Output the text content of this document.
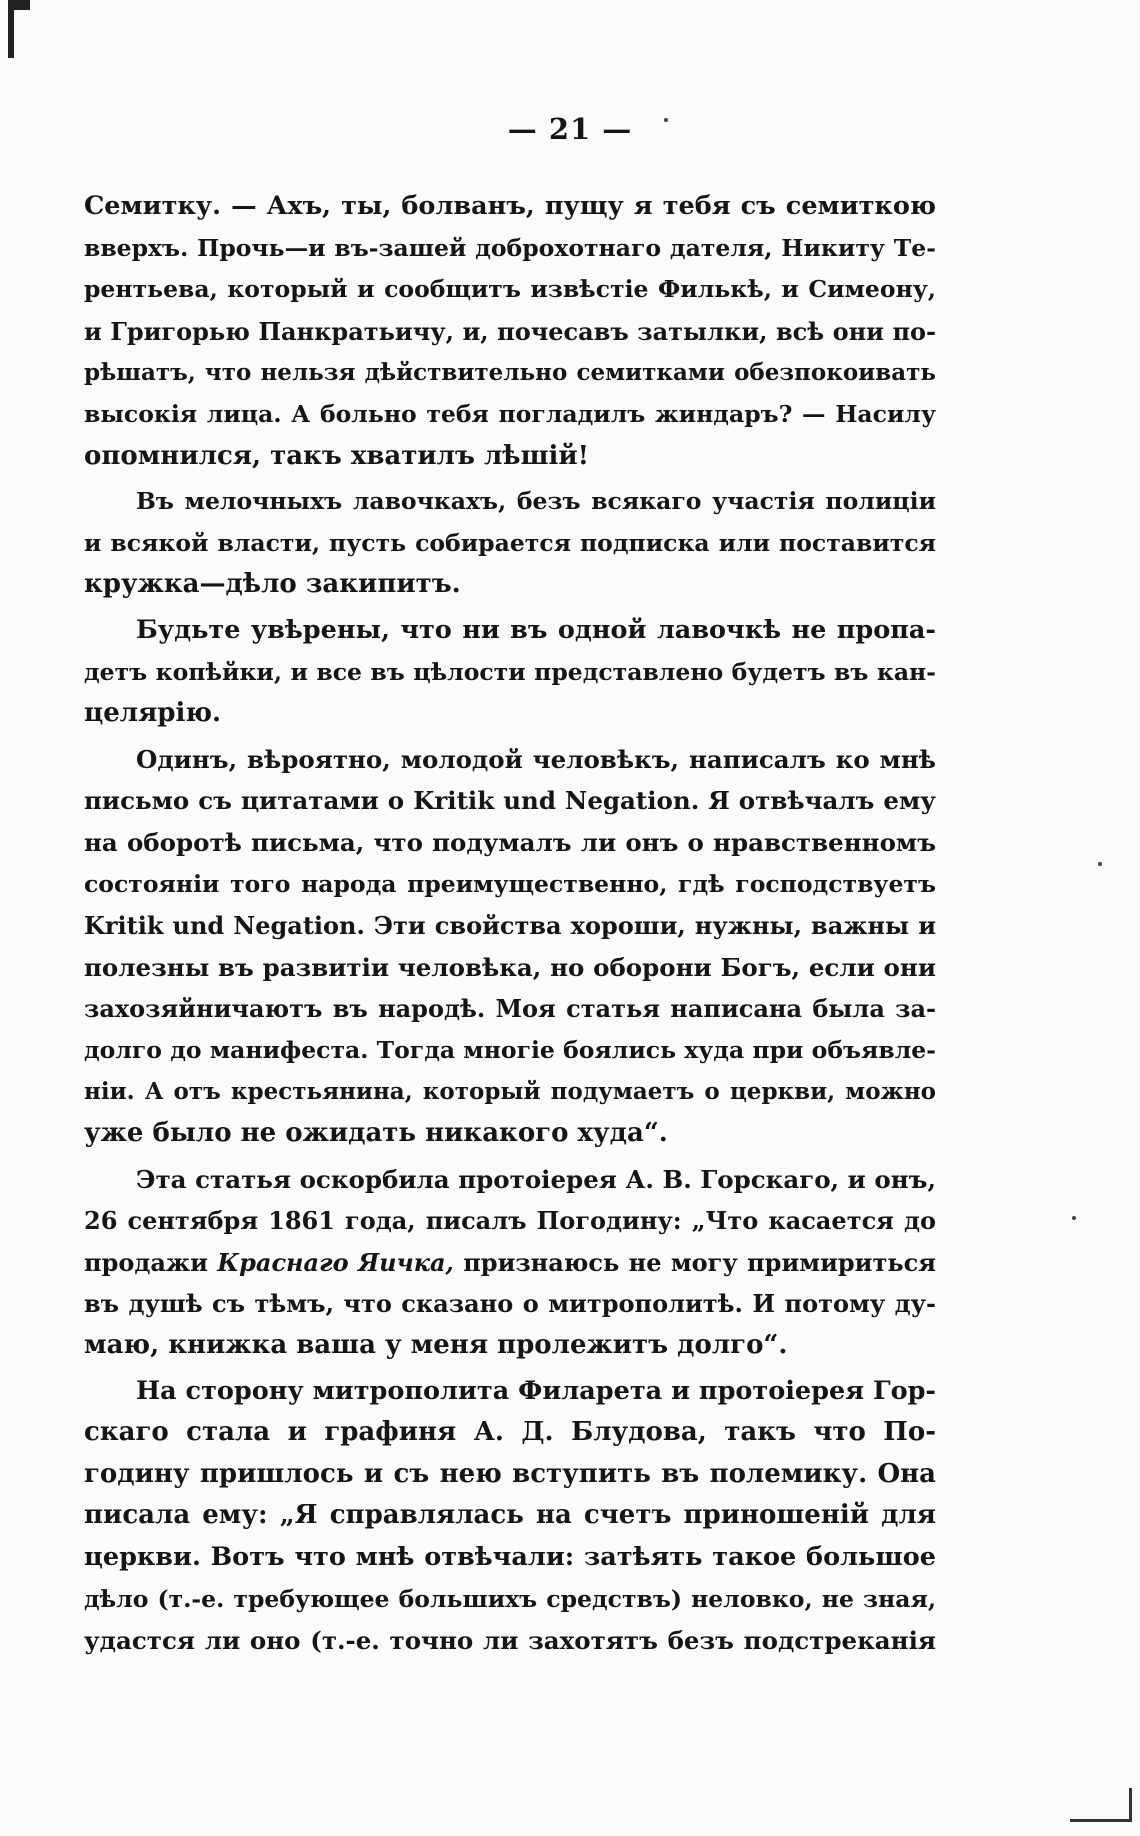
— 21 —
Семитку. — Ахъ, ты, болванъ, пущу я тебя съ семиткою
вверхъ. Прочь—и въ-зашей доброхотнаго дателя, Никиту Те-
рентьева, который и сообщитъ извѣстіе Филькѣ, и Симеону,
и Григорью Панкратьичу, и, почесавъ затылки, всѣ они по-
рѣшатъ, что нельзя дѣйствительно семитками обезпокоивать
высокія лица. А больно тебя погладилъ жиндаръ? — Насилу
опомнился, такъ хватилъ лѣшій!
Въ мелочныхъ лавочкахъ, безъ всякаго участія полиціи
и всякой власти, пусть собирается подписка или поставится
кружка—дѣло закипитъ.
Будьте увѣрены, что ни въ одной лавочкѣ не пропа-
детъ копѣйки, и все въ цѣлости представлено будетъ въ кан-
целярію.
Одинъ, вѣроятно, молодой человѣкъ, написалъ ко мнѣ
письмо съ цитатами о Kritik und Negation. Я отвѣчалъ ему
на оборотѣ письма, что подумалъ ли онъ о нравственномъ
состояніи того народа преимущественно, гдѣ господствуетъ
Kritik und Negation. Эти свойства хороши, нужны, важны и
полезны въ развитіи человѣка, но оборони Богъ, если они
захозяйничаютъ въ народѣ. Моя статья написана была за-
долго до манифеста. Тогда многіе боялись худа при объявле-
ніи. А отъ крестьянина, который подумаетъ о церкви, можно
уже было не ожидать никакого худа“.
Эта статья оскорбила протоіерея А. В. Горскаго, и онъ,
26 сентября 1861 года, писалъ Погодину: „Что касается до
продажи Краснаго Яичка, признаюсь не могу примириться
въ душѣ съ тѣмъ, что сказано о митрополитѣ. И потому ду-
маю, книжка ваша у меня пролежитъ долго“.
На сторону митрополита Филарета и протоіерея Гор-
скаго стала и графиня А. Д. Блудова, такъ что По-
годину пришлось и съ нею вступить въ полемику. Она
писала ему: „Я справлялась на счетъ приношеній для
церкви. Вотъ что мнѣ отвѣчали: затѣять такое большое
дѣло (т.-е. требующее большихъ средствъ) неловко, не зная,
удастся ли оно (т.-е. точно ли захотятъ безъ подстреканія
